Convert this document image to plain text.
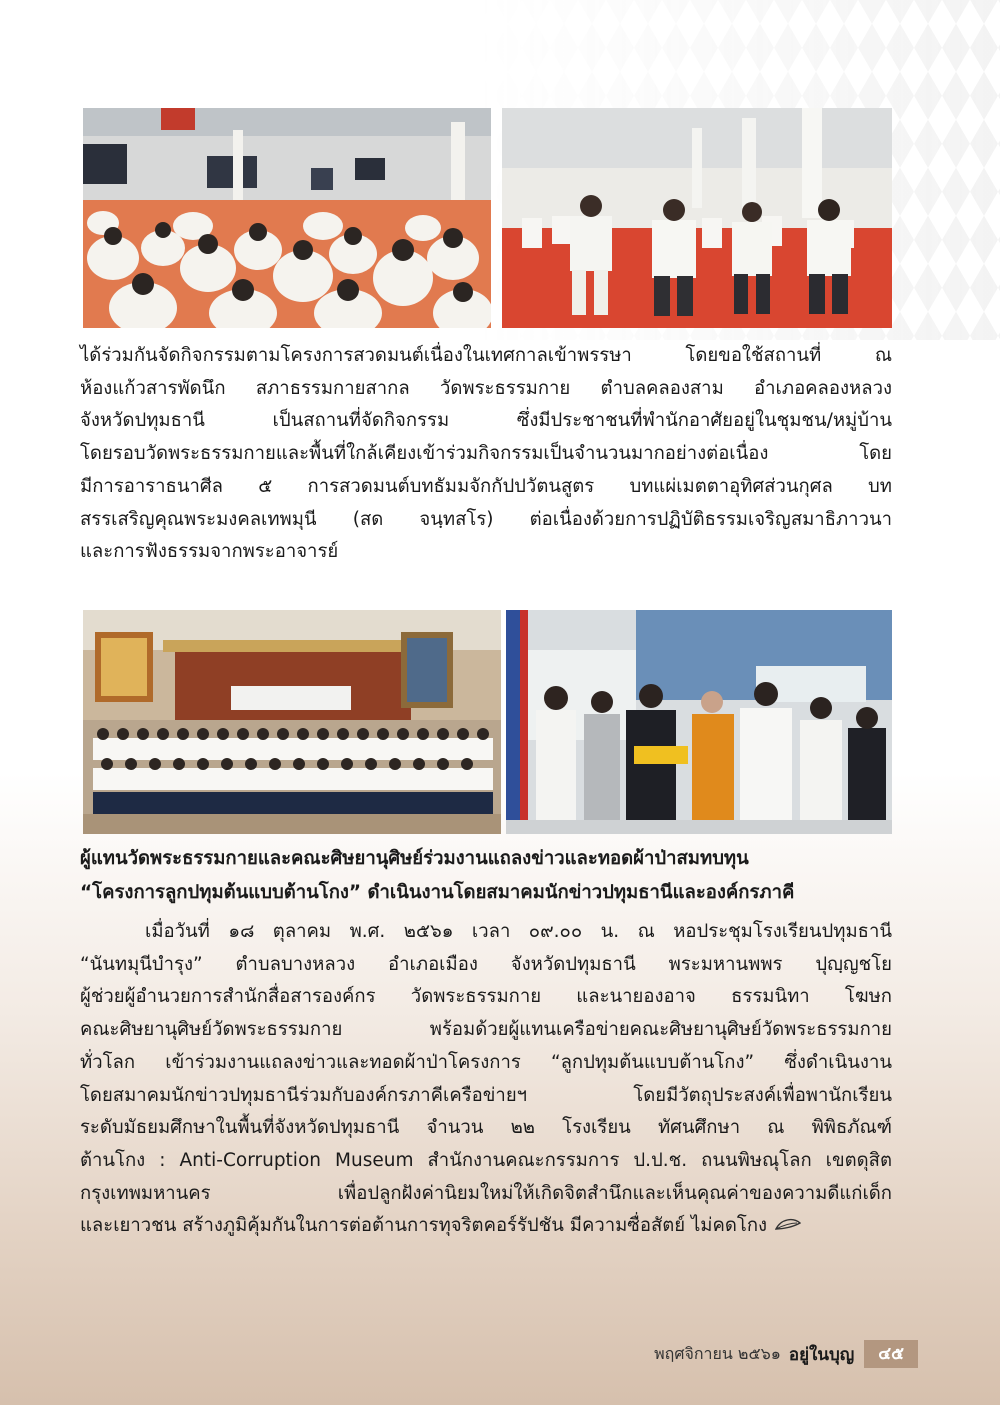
ได้ร่วมกันจัดกิจกรรมตามโครงการสวดมนต์เนื่องในเทศกาลเข้าพรรษา โดยขอใช้สถานที่ ณ
ห้องแก้วสารพัดนึก สภาธรรมกายสากล วัดพระธรรมกาย ตำบลคลองสาม อำเภอคลองหลวง
จังหวัดปทุมธานี เป็นสถานที่จัดกิจกรรม ซึ่งมีประชาชนที่พำนักอาศัยอยู่ในชุมชน/หมู่บ้าน
โดยรอบวัดพระธรรมกายและพื้นที่ใกล้เคียงเข้าร่วมกิจกรรมเป็นจำนวนมากอย่างต่อเนื่อง โดย
มีการอาราธนาศีล ๕ การสวดมนต์บทธัมมจักกัปปวัตนสูตร บทแผ่เมตตาอุทิศส่วนกุศล บท
สรรเสริญคุณพระมงคลเทพมุนี (สด จนฺทสโร) ต่อเนื่องด้วยการปฏิบัติธรรมเจริญสมาธิภาวนา
และการฟังธรรมจากพระอาจารย์
ผู้แทนวัดพระธรรมกายและคณะศิษยานุศิษย์ร่วมงานแถลงข่าวและทอดผ้าป่าสมทบทุน
“โครงการลูกปทุมต้นแบบต้านโกง” ดำเนินงานโดยสมาคมนักข่าวปทุมธานีและองค์กรภาคี
เมื่อวันที่ ๑๘ ตุลาคม พ.ศ. ๒๕๖๑ เวลา ๐๙.๐๐ น. ณ หอประชุมโรงเรียนปทุมธานี
“นันทมุนีบำรุง” ตำบลบางหลวง อำเภอเมือง จังหวัดปทุมธานี พระมหานพพร ปุญฺญชโย
ผู้ช่วยผู้อำนวยการสำนักสื่อสารองค์กร วัดพระธรรมกาย และนายองอาจ ธรรมนิทา โฆษก
คณะศิษยานุศิษย์วัดพระธรรมกาย พร้อมด้วยผู้แทนเครือข่ายคณะศิษยานุศิษย์วัดพระธรรมกาย
ทั่วโลก เข้าร่วมงานแถลงข่าวและทอดผ้าป่าโครงการ “ลูกปทุมต้นแบบต้านโกง” ซึ่งดำเนินงาน
โดยสมาคมนักข่าวปทุมธานีร่วมกับองค์กรภาคีเครือข่ายฯ โดยมีวัตถุประสงค์เพื่อพานักเรียน
ระดับมัธยมศึกษาในพื้นที่จังหวัดปทุมธานี จำนวน ๒๒ โรงเรียน ทัศนศึกษา ณ พิพิธภัณฑ์
ต้านโกง : Anti-Corruption Museum สำนักงานคณะกรรมการ ป.ป.ช. ถนนพิษณุโลก เขตดุสิต
กรุงเทพมหานคร เพื่อปลูกฝังค่านิยมใหม่ให้เกิดจิตสำนึกและเห็นคุณค่าของความดีแก่เด็ก
และเยาวชน สร้างภูมิคุ้มกันในการต่อต้านการทุจริตคอร์รัปชัน มีความซื่อสัตย์ ไม่คดโกง
พฤศจิกายน ๒๕๖๑ อยู่ในบุญ	๔๕
